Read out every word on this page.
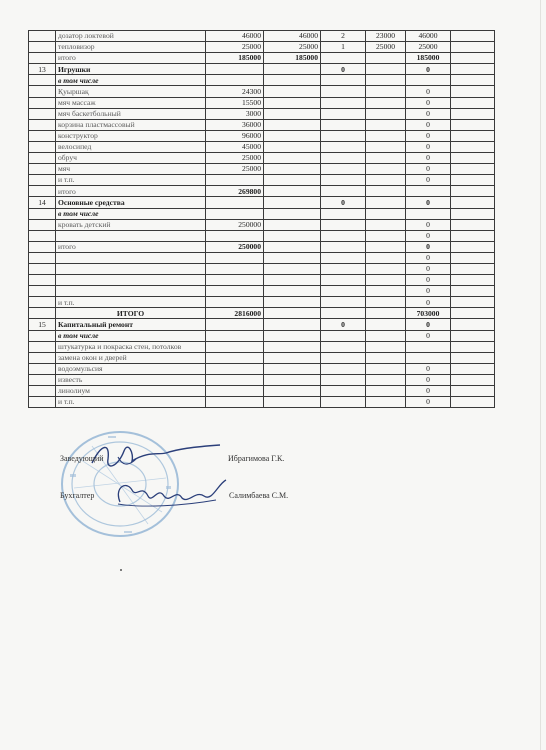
	дозатор локтевой	46000	46000	2	23000	46000	
	тепловизор	25000	25000	1	25000	25000	
	итого	185000	185000			185000	
13	Игрушки			0		0	
	в том числе						
	Қуыршақ	24300				0	
	мяч массаж	15500				0	
	мяч баскетбольный	3000				0	
	корзина пластмассовый	36000				0	
	конструктор	96000				0	
	велосипед	45000				0	
	обруч	25000				0	
	мяч	25000				0	
	и т.п.					0	
	итого	269800					
14	Основные средства			0		0	
	в том числе						
	кровать детский	250000				0	
						0	
	итого	250000				0	
						0	
						0	
						0	
						0	
	и т.п.					0	
	ИТОГО	2816000				703000	
15	Капитальный ремонт			0		0	
	в том числе					0	
	штукатурка и покраска стен, потолков						
	замена окон и дверей						
	водоэмульсия					0	
	известь					0	
	линолиум					0	
	и т.п.					0	
Заведующий	Ибрагимова Г.К.
Бухгалтер	Салимбаева С.М.
